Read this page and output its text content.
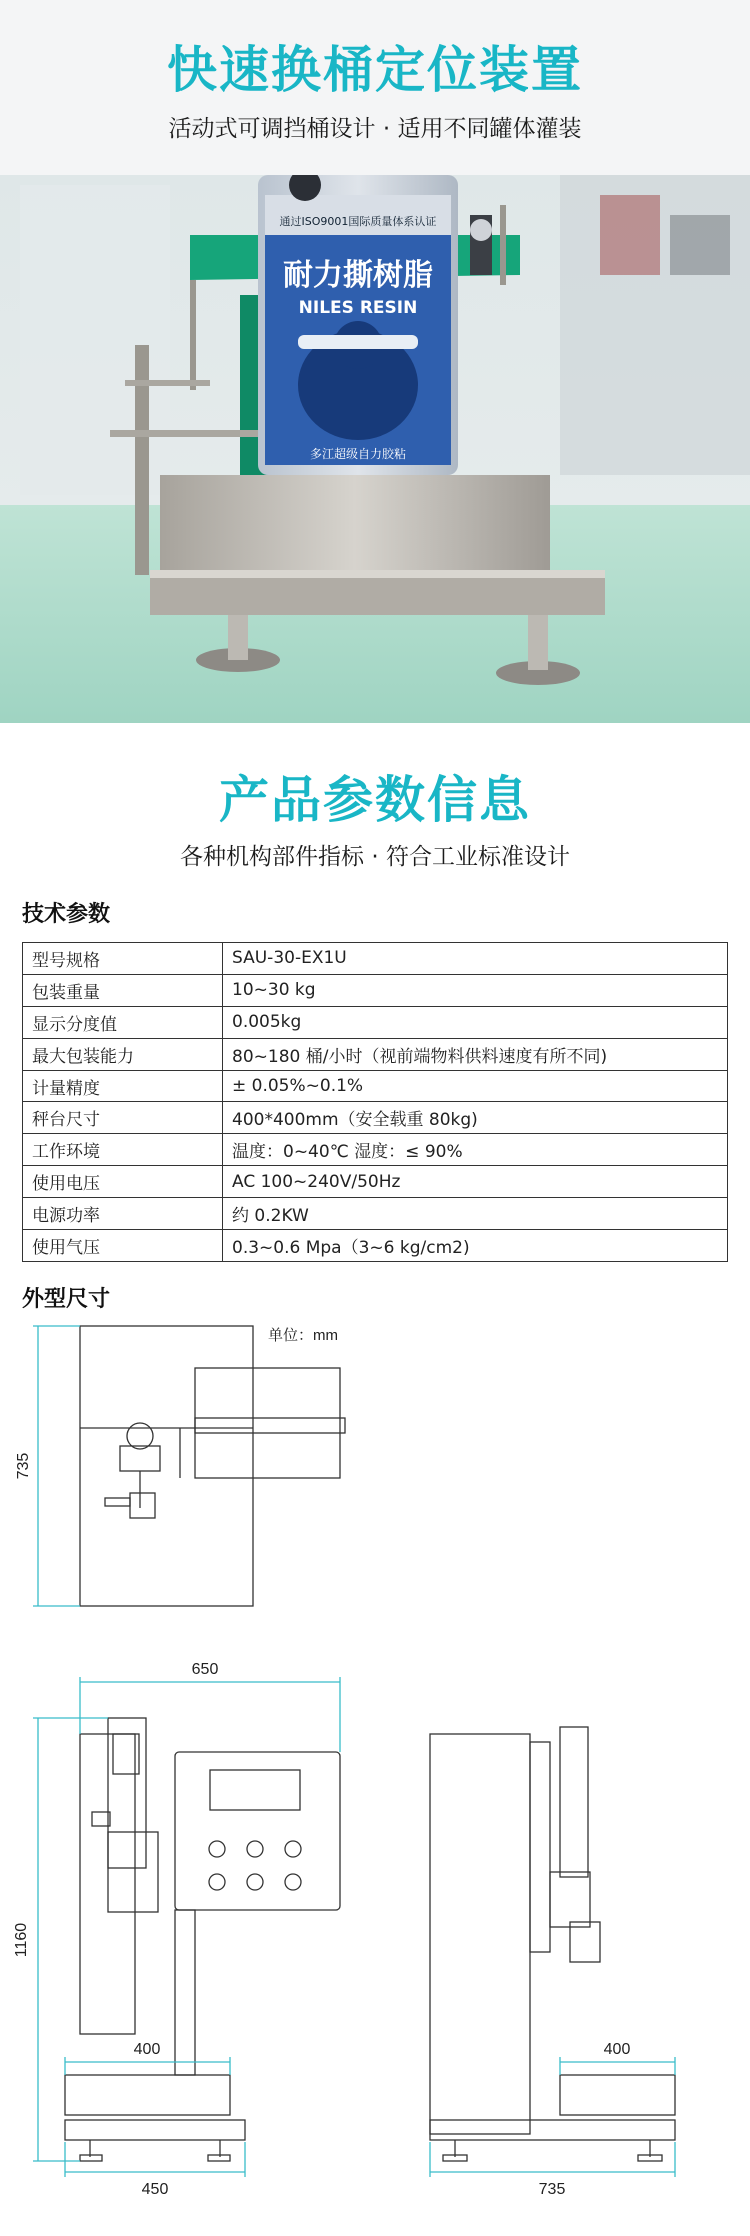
快速换桶定位装置
活动式可调挡桶设计 · 适用不同罐体灌装
通过ISO9001国际质量体系认证
耐力撕树脂
NILES RESIN
多江超级自力胶粘
产品参数信息
各种机构部件指标 · 符合工业标准设计
技术参数
型号规格	SAU-30-EX1U
包装重量	10~30 kg
显示分度值	0.005kg
最大包装能力	80~180 桶/小时（视前端物料供料速度有所不同)
计量精度	± 0.05%~0.1%
秤台尺寸	400*400mm（安全载重 80kg)
工作环境	温度：0~40℃ 湿度：≤ 90%
使用电压	AC 100~240V/50Hz
电源功率	约 0.2KW
使用气压	0.3~0.6 Mpa（3~6 kg/cm2)
外型尺寸
735
单位：mm
650
1160
400
450
400
735
